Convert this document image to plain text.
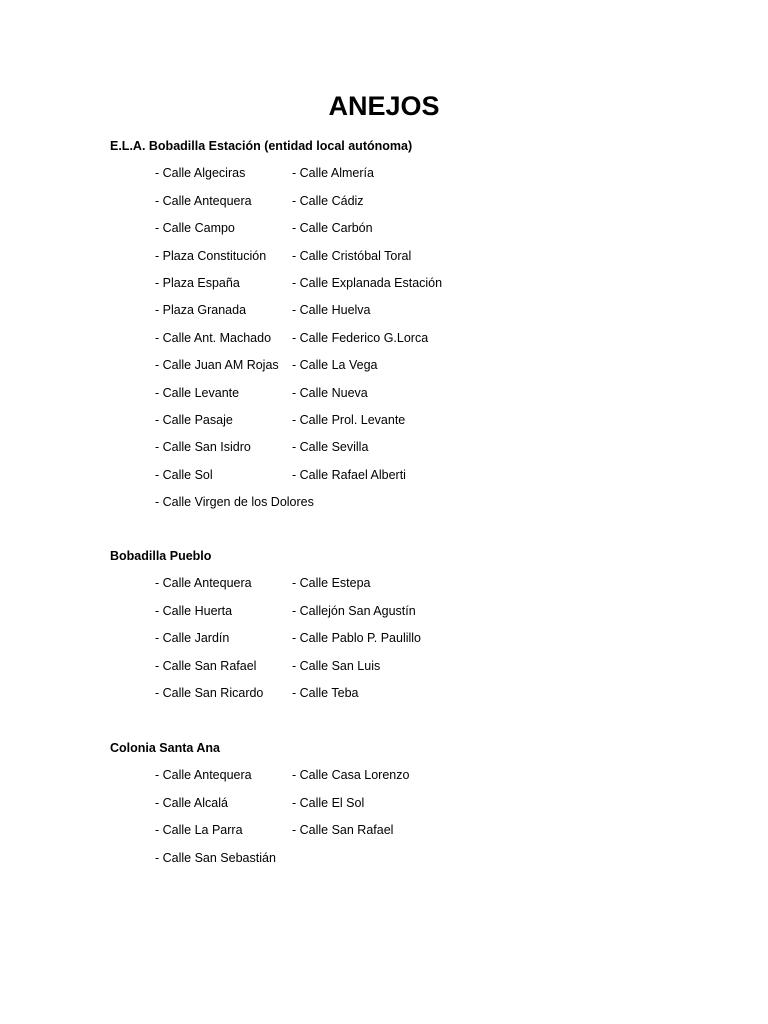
ANEJOS
E.L.A. Bobadilla Estación (entidad local autónoma)
- Calle Algeciras	- Calle Almería
- Calle Antequera	- Calle Cádiz
- Calle Campo	- Calle Carbón
- Plaza Constitución	- Calle Cristóbal Toral
- Plaza España	- Calle Explanada Estación
- Plaza Granada	- Calle Huelva
- Calle Ant. Machado	- Calle Federico G.Lorca
- Calle Juan AM Rojas	- Calle La Vega
- Calle Levante	- Calle Nueva
- Calle Pasaje	- Calle Prol. Levante
- Calle San Isidro	- Calle Sevilla
- Calle Sol	- Calle Rafael Alberti
- Calle Virgen de los Dolores
Bobadilla Pueblo
- Calle Antequera	- Calle Estepa
- Calle Huerta	- Callejón San Agustín
- Calle Jardín	- Calle Pablo P. Paulillo
- Calle San Rafael	- Calle San Luis
- Calle San Ricardo	- Calle Teba
Colonia Santa Ana
- Calle Antequera	- Calle Casa Lorenzo
- Calle Alcalá	- Calle El Sol
- Calle La Parra	- Calle San Rafael
- Calle San Sebastián
